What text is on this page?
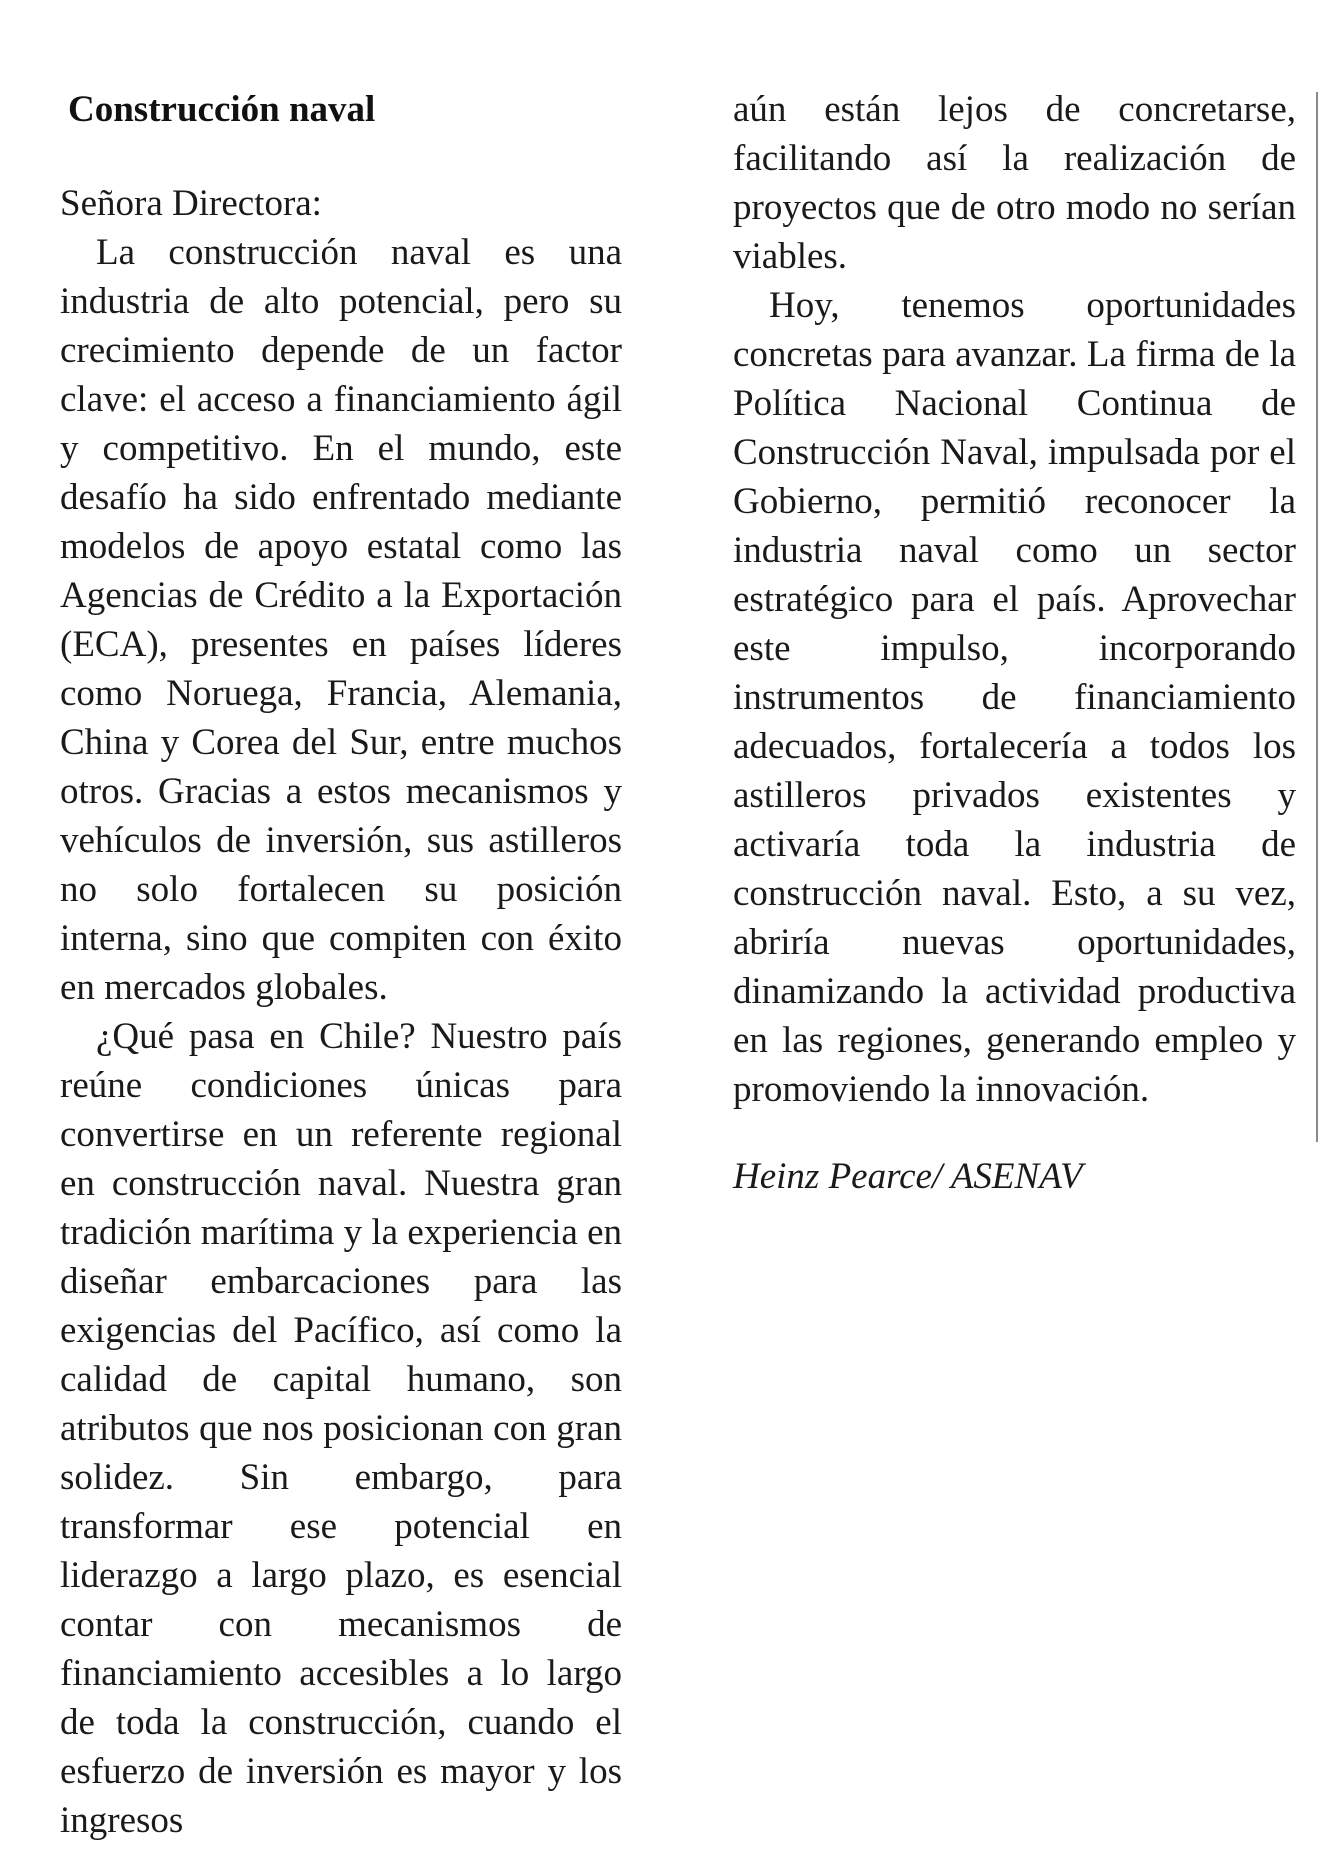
Construcción naval

Señora Directora:

La construcción naval es una industria de alto potencial, pero su crecimiento depende de un factor clave: el acceso a financiamiento ágil y competitivo. En el mundo, este desafío ha sido enfrentado mediante modelos de apoyo estatal como las Agencias de Crédito a la Exportación (ECA), presentes en países líderes como Noruega, Francia, Alemania, China y Corea del Sur, entre muchos otros. Gracias a estos mecanismos y vehículos de inversión, sus astilleros no solo fortalecen su posición interna, sino que compiten con éxito en mercados globales.

¿Qué pasa en Chile? Nuestro país reúne condiciones únicas para convertirse en un referente regional en construcción naval. Nuestra gran tradición marítima y la experiencia en diseñar embarcaciones para las exigencias del Pacífico, así como la calidad de capital humano, son atributos que nos posicionan con gran solidez. Sin embargo, para transformar ese potencial en liderazgo a largo plazo, es esencial contar con mecanismos de financiamiento accesibles a lo largo de toda la construcción, cuando el esfuerzo de inversión es mayor y los ingresos

aún están lejos de concretarse, facilitando así la realización de proyectos que de otro modo no serían viables.

Hoy, tenemos oportunidades concretas para avanzar. La firma de la Política Nacional Continua de Construcción Naval, impulsada por el Gobierno, permitió reconocer la industria naval como un sector estratégico para el país. Aprovechar este impulso, incorporando instrumentos de financiamiento adecuados, fortalecería a todos los astilleros privados existentes y activaría toda la industria de construcción naval. Esto, a su vez, abriría nuevas oportunidades, dinamizando la actividad productiva en las regiones, generando empleo y promoviendo la innovación.

Heinz Pearce/ ASENAV
